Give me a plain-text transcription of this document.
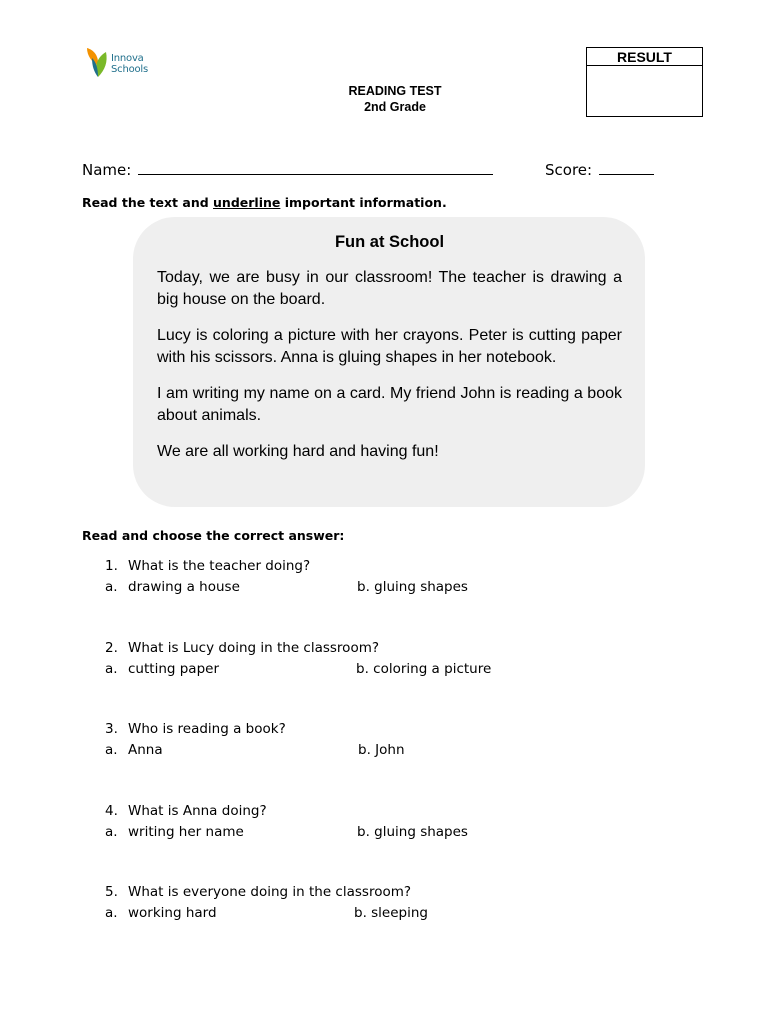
Innova
Schools
READING TEST
2nd Grade
RESULT
Name:	Score:
Read the text and underline important information.
Fun at School

Today, we are busy in our classroom! The teacher is drawing a big house on the board.

Lucy is coloring a picture with her crayons. Peter is cutting paper with his scissors. Anna is gluing shapes in her notebook.

I am writing my name on a card. My friend John is reading a book about animals.

We are all working hard and having fun!

Read and choose the correct answer:
1. What is the teacher doing?
a. drawing a house	b. gluing shapes
2. What is Lucy doing in the classroom?
a. cutting paper	b. coloring a picture
3. Who is reading a book?
a. Anna	b. John
4. What is Anna doing?
a. writing her name	b. gluing shapes
5. What is everyone doing in the classroom?
a. working hard	b. sleeping
